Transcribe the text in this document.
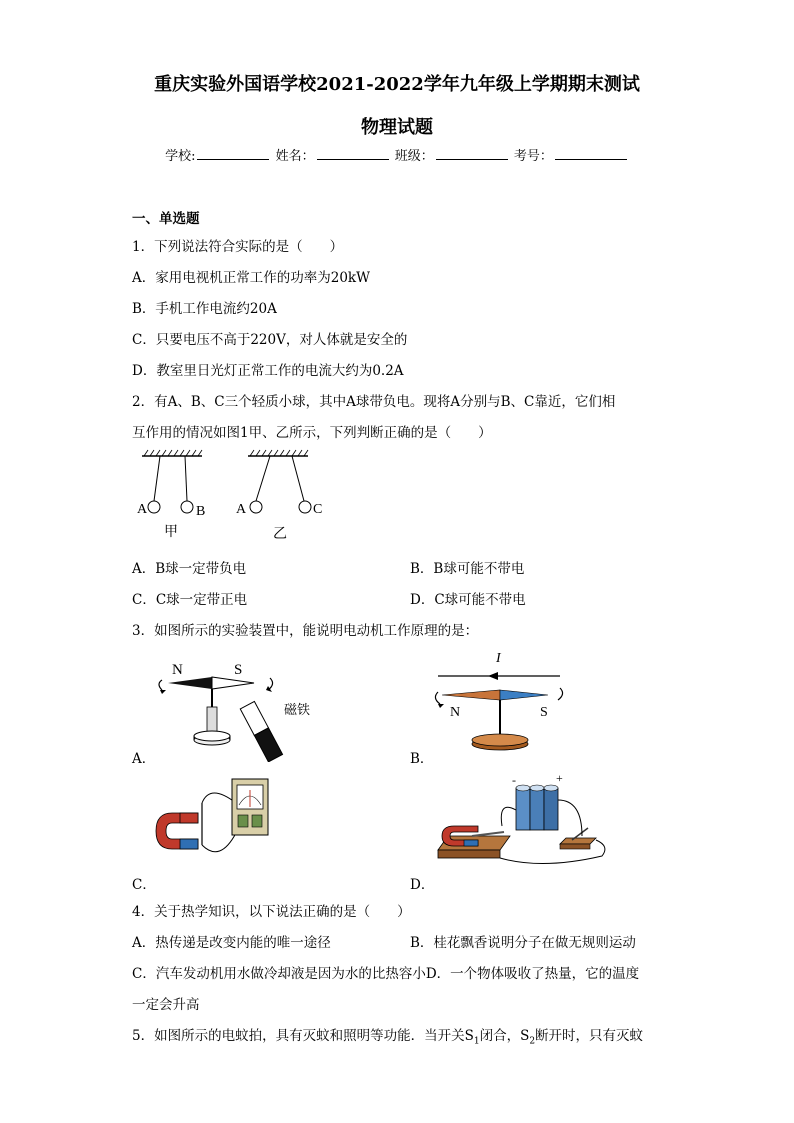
重庆实验外国语学校2021-2022学年九年级上学期期末测试
物理试题
学校:	姓名：	班级：	考号：
一、单选题
1．下列说法符合实际的是（　　）
A．家用电视机正常工作的功率为20kW
B．手机工作电流约20A
C．只要电压不高于220V，对人体就是安全的
D．教室里日光灯正常工作的电流大约为0.2A
2．有A、B、C三个轻质小球，其中A球带负电。现将A分别与B、C靠近，它们相
互作用的情况如图1甲、乙所示，下列判断正确的是（　　）
A	B
甲
A	C
乙
A．B球一定带负电	B．B球可能不带电
C．C球一定带正电	D．C球可能不带电
3．如图所示的实验装置中，能说明电动机工作原理的是：
N	S
磁铁
A．
I
N	S
B．
C．
-	+
D．
4．关于热学知识，以下说法正确的是（　　）
A．热传递是改变内能的唯一途径	B．桂花飘香说明分子在做无规则运动
C．汽车发动机用水做冷却液是因为水的比热容小D．一个物体吸收了热量，它的温度
一定会升高
5．如图所示的电蚊拍，具有灭蚊和照明等功能．当开关$S_1$闭合，$S_2$断开时，只有灭蚊
